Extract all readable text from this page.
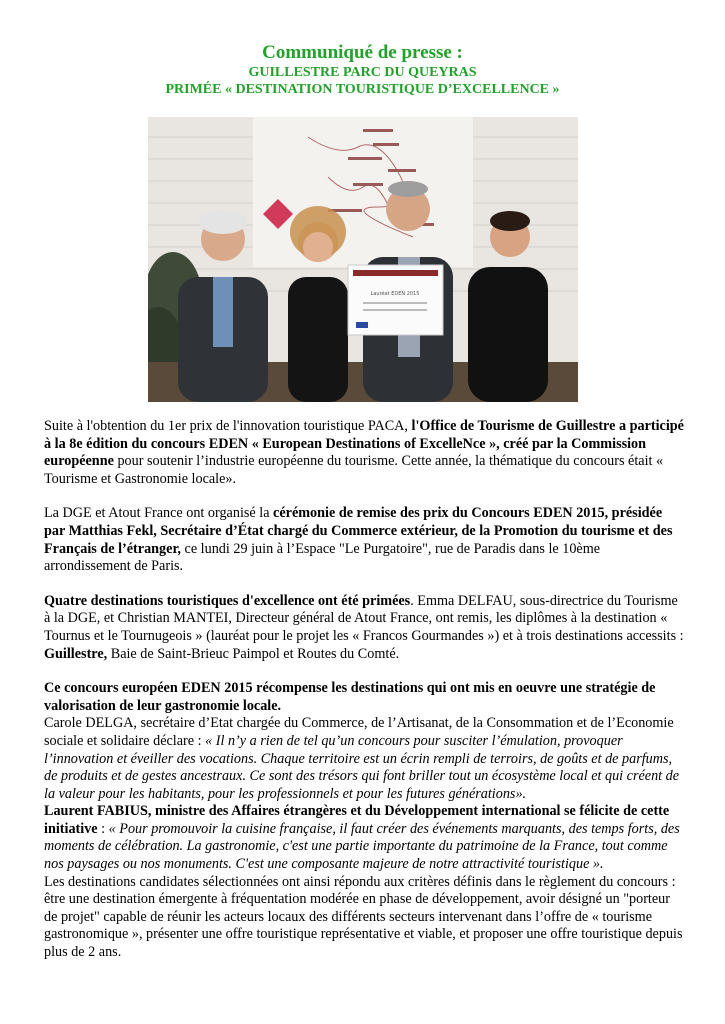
Communiqué de presse :
GUILLESTRE PARC DU QUEYRAS
PRIMÉE « DESTINATION TOURISTIQUE D’EXCELLENCE »
Lauréat EDEN 2015

Suite à l'obtention du 1er prix de l'innovation touristique PACA, l'Office de Tourisme de Guillestre a participé à la 8e édition du concours EDEN « European Destinations of ExcelleNce », créé par la Commission européenne pour soutenir l’industrie européenne du tourisme. Cette année, la thématique du concours était « Tourisme et Gastronomie locale».

La DGE et Atout France ont organisé la cérémonie de remise des prix du Concours EDEN 2015, présidée par Matthias Fekl, Secrétaire d’État chargé du Commerce extérieur, de la Promotion du tourisme et des Français de l’étranger, ce lundi 29 juin à l’Espace "Le Purgatoire", rue de Paradis dans le 10ème arrondissement de Paris.

Quatre destinations touristiques d'excellence ont été primées. Emma DELFAU, sous-directrice du Tourisme à la DGE, et Christian MANTEI, Directeur général de Atout France, ont remis, les diplômes à la destination « Tournus et le Tournugeois » (lauréat pour le projet les « Francos Gourmandes ») et à trois destinations accessits : Guillestre, Baie de Saint-Brieuc Paimpol et Routes du Comté.

Ce concours européen EDEN 2015 récompense les destinations qui ont mis en oeuvre une stratégie de valorisation de leur gastronomie locale.

Carole DELGA, secrétaire d’Etat chargée du Commerce, de l’Artisanat, de la Consommation et de l’Economie sociale et solidaire déclare : « Il n’y a rien de tel qu’un concours pour susciter l’émulation, provoquer l’innovation et éveiller des vocations. Chaque territoire est un écrin rempli de terroirs, de goûts et de parfums, de produits et de gestes ancestraux. Ce sont des trésors qui font briller tout un écosystème local et qui créent de la valeur pour les habitants, pour les professionnels et pour les futures générations».

Laurent FABIUS, ministre des Affaires étrangères et du Développement international se félicite de cette initiative : « Pour promouvoir la cuisine française, il faut créer des événements marquants, des temps forts, des moments de célébration. La gastronomie, c'est une partie importante du patrimoine de la France, tout comme nos paysages ou nos monuments. C'est une composante majeure de notre attractivité touristique ».

Les destinations candidates sélectionnées ont ainsi répondu aux critères définis dans le règlement du concours : être une destination émergente à fréquentation modérée en phase de développement, avoir désigné un "porteur de projet" capable de réunir les acteurs locaux des différents secteurs intervenant dans l’offre de « tourisme gastronomique », présenter une offre touristique représentative et viable, et proposer une offre touristique depuis plus de 2 ans.
